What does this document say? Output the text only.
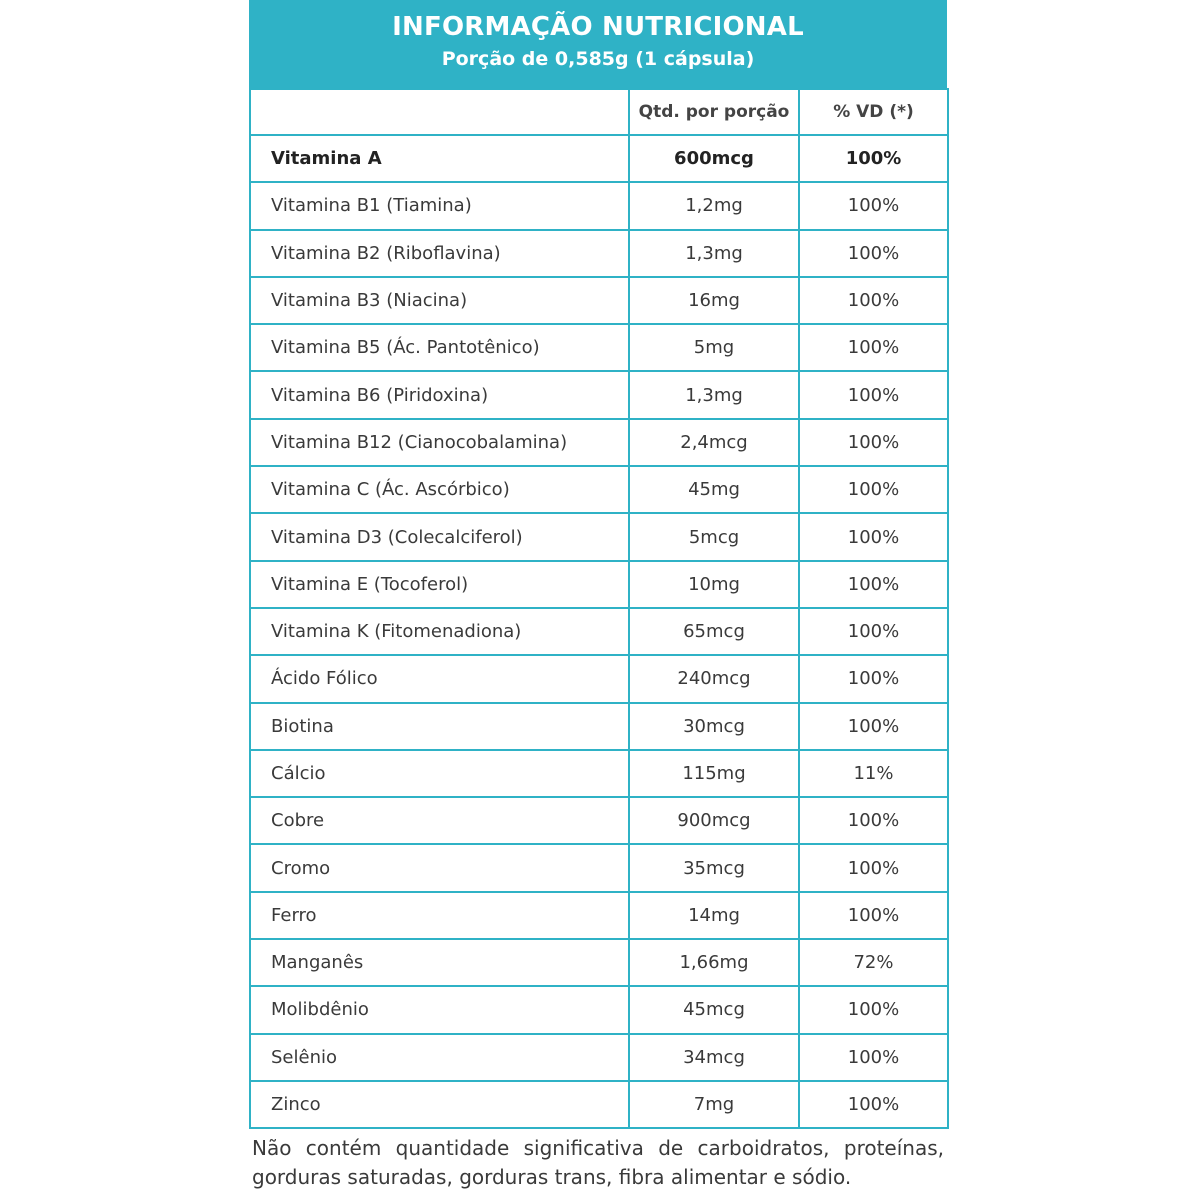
INFORMAÇÃO NUTRICIONAL
Porção de 0,585g (1 cápsula)
	Qtd. por porção	% VD (*)
Vitamina A	600mcg	100%
Vitamina B1 (Tiamina)	1,2mg	100%
Vitamina B2 (Riboflavina)	1,3mg	100%
Vitamina B3 (Niacina)	16mg	100%
Vitamina B5 (Ác. Pantotênico)	5mg	100%
Vitamina B6 (Piridoxina)	1,3mg	100%
Vitamina B12 (Cianocobalamina)	2,4mcg	100%
Vitamina C (Ác. Ascórbico)	45mg	100%
Vitamina D3 (Colecalciferol)	5mcg	100%
Vitamina E (Tocoferol)	10mg	100%
Vitamina K (Fitomenadiona)	65mcg	100%
Ácido Fólico	240mcg	100%
Biotina	30mcg	100%
Cálcio	115mg	11%
Cobre	900mcg	100%
Cromo	35mcg	100%
Ferro	14mg	100%
Manganês	1,66mg	72%
Molibdênio	45mcg	100%
Selênio	34mcg	100%
Zinco	7mg	100%
Não contém quantidade significativa de carboidratos, proteínas, gorduras saturadas, gorduras trans, fibra alimentar e sódio.
